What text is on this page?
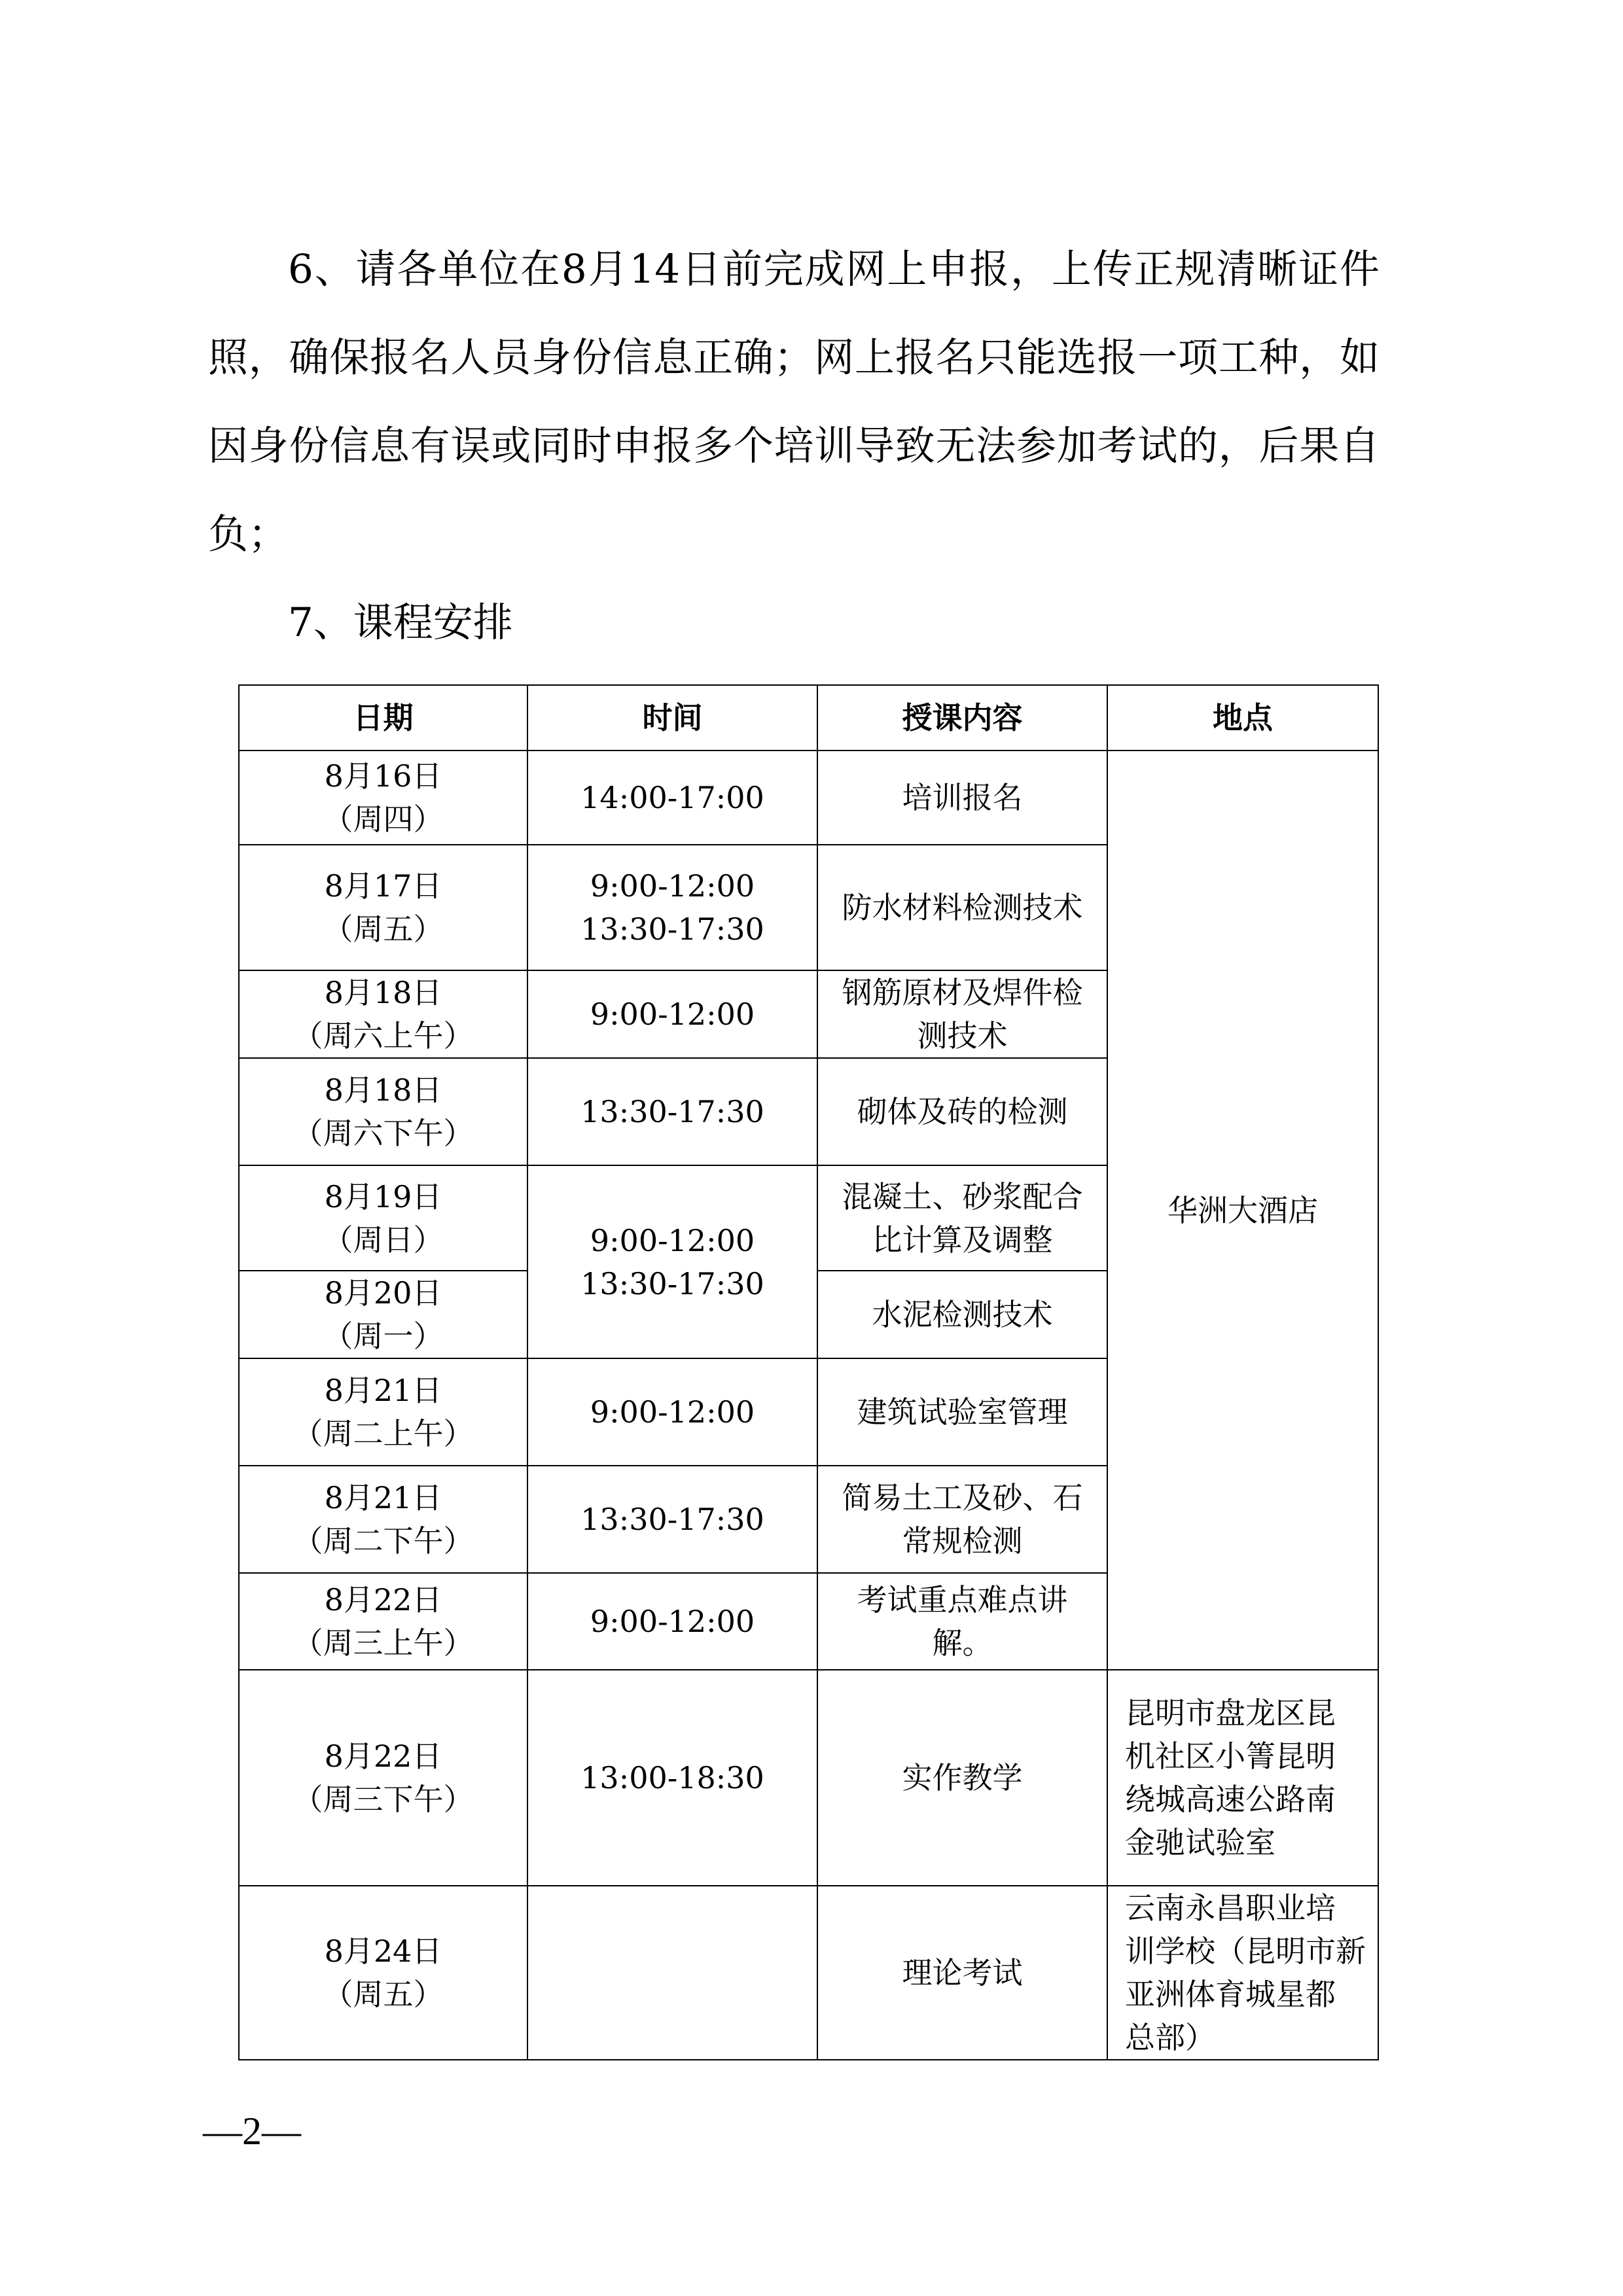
6、请各单位在8月14日前完成网上申报，上传正规清晰证件照，确保报名人员身份信息正确；网上报名只能选报一项工种，如因身份信息有误或同时申报多个培训导致无法参加考试的，后果自负；

7、课程安排

日期	时间	授课内容	地点
8月16日
（周四）	14:00-17:00	培训报名	华洲大酒店
8月17日
（周五）	9:00-12:00
13:30-17:30	防水材料检测技术	
8月18日
（周六上午）	9:00-12:00	钢筋原材及焊件检
测技术	
8月18日
（周六下午）	13:30-17:30	砌体及砖的检测	
8月19日
（周日）	9:00-12:00
13:30-17:30	混凝土、砂浆配合
比计算及调整	
8月20日
（周一）		水泥检测技术	
8月21日
（周二上午）	9:00-12:00	建筑试验室管理	
8月21日
（周二下午）	13:30-17:30	简易土工及砂、石
常规检测	
8月22日
（周三上午）	9:00-12:00	考试重点难点讲
解。	
8月22日
（周三下午）	13:00-18:30	实作教学	昆明市盘龙区昆
机社区小箐昆明
绕城高速公路南
金驰试验室
8月24日
（周五）		理论考试	云南永昌职业培
训学校（昆明市新
亚洲体育城星都
总部）
—2—
